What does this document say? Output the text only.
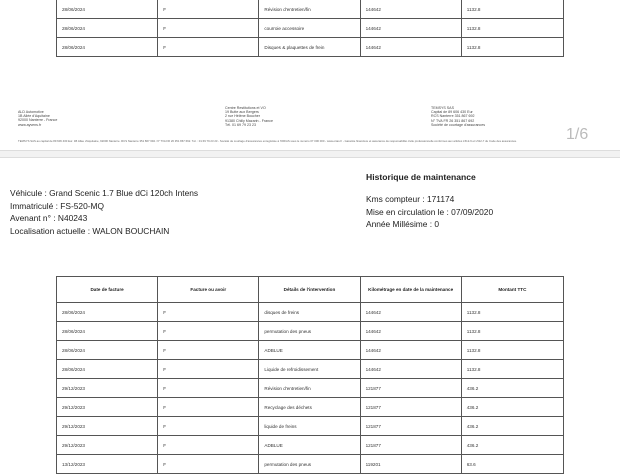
28/06/2024	F	Révision d'entretien/fin	144642	1132.8
28/06/2024	F	courroie accessoire	144642	1132.8
28/06/2024	F	Disques & plaquettes de frein	144642	1132.8
ALD Automotive
1B Allée d'Aquitaine
92000 Nanterre - France
www.ayvens.fr
Centre Restitutions et VO
19 Butte aux Bergers
2 rue Hélène Boucher
91380 Chilly Mazarin - France
Tél. 01 69 79 23 23
TEMSYS SAS
Capital de 89 606 430 Eur
RCS Nanterre 351 867 692
N° TVA FR 26 351 867 692
Société de courtage d'assurances
TEMSYS SAS au capital de 89 606 430 Eur. 1B Allée d'Aquitaine, 92000 Nanterre. RCS Nanterre 351 867 692. N° TVA FR 26 351 867 692. Tél. : 01 69 79 23 23 - Société de courtage d'assurances enregistrée à l'ORIAS sous le numéro 07 000 000 - www.orias.fr - Garantie financière et assurance de responsabilité civile professionnelle conformes aux articles L512-6 et L512-7 du Code des assurances.	1/6
Véhicule : Grand Scenic 1.7 Blue dCi 120ch Intens
Immatriculé : FS-520-MQ
Avenant n° : N40243
Localisation actuelle : WALON BOUCHAIN
Historique de maintenance
Kms compteur : 171174
Mise en circulation le : 07/09/2020
Année Millésime : 0
Date de facture	Facture ou avoir	Détails de l'intervention	Kilométrage en date de la maintenance	Montant TTC
28/06/2024	F	disques de freins	144642	1132.8
28/06/2024	F	permutation des pneus	144642	1132.8
28/06/2024	F	ADBLUE	144642	1132.8
28/06/2024	F	Liquide de refroidissement	144642	1132.8
29/12/2023	F	Révision d'entretien/fin	121877	436.2
29/12/2023	F	Recyclage des déchets	121877	436.2
29/12/2023	F	liquide de freins	121877	436.2
29/12/2023	F	ADBLUE	121877	436.2
13/12/2023	F	permutation des pneus	119201	63.6
